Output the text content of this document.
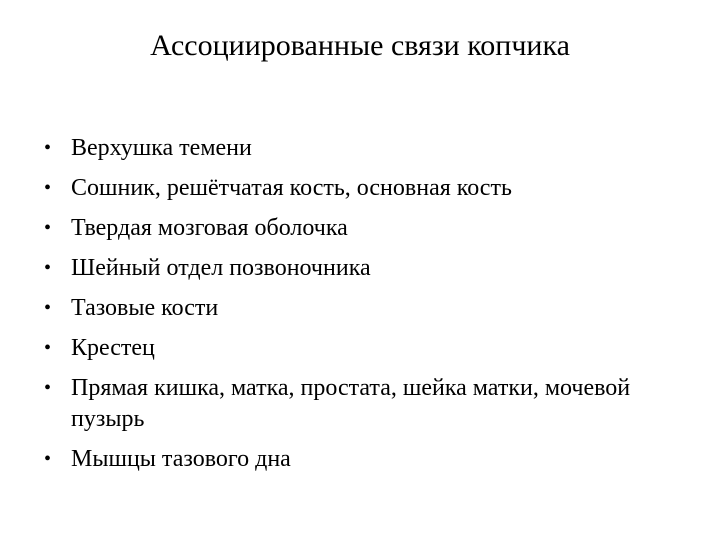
Ассоциированные связи копчика
• Верхушка темени
• Сошник, решётчатая кость, основная кость
• Твердая мозговая оболочка
• Шейный отдел позвоночника
• Тазовые кости
• Крестец
• Прямая кишка, матка, простата, шейка матки, мочевой пузырь
• Мышцы тазового дна
